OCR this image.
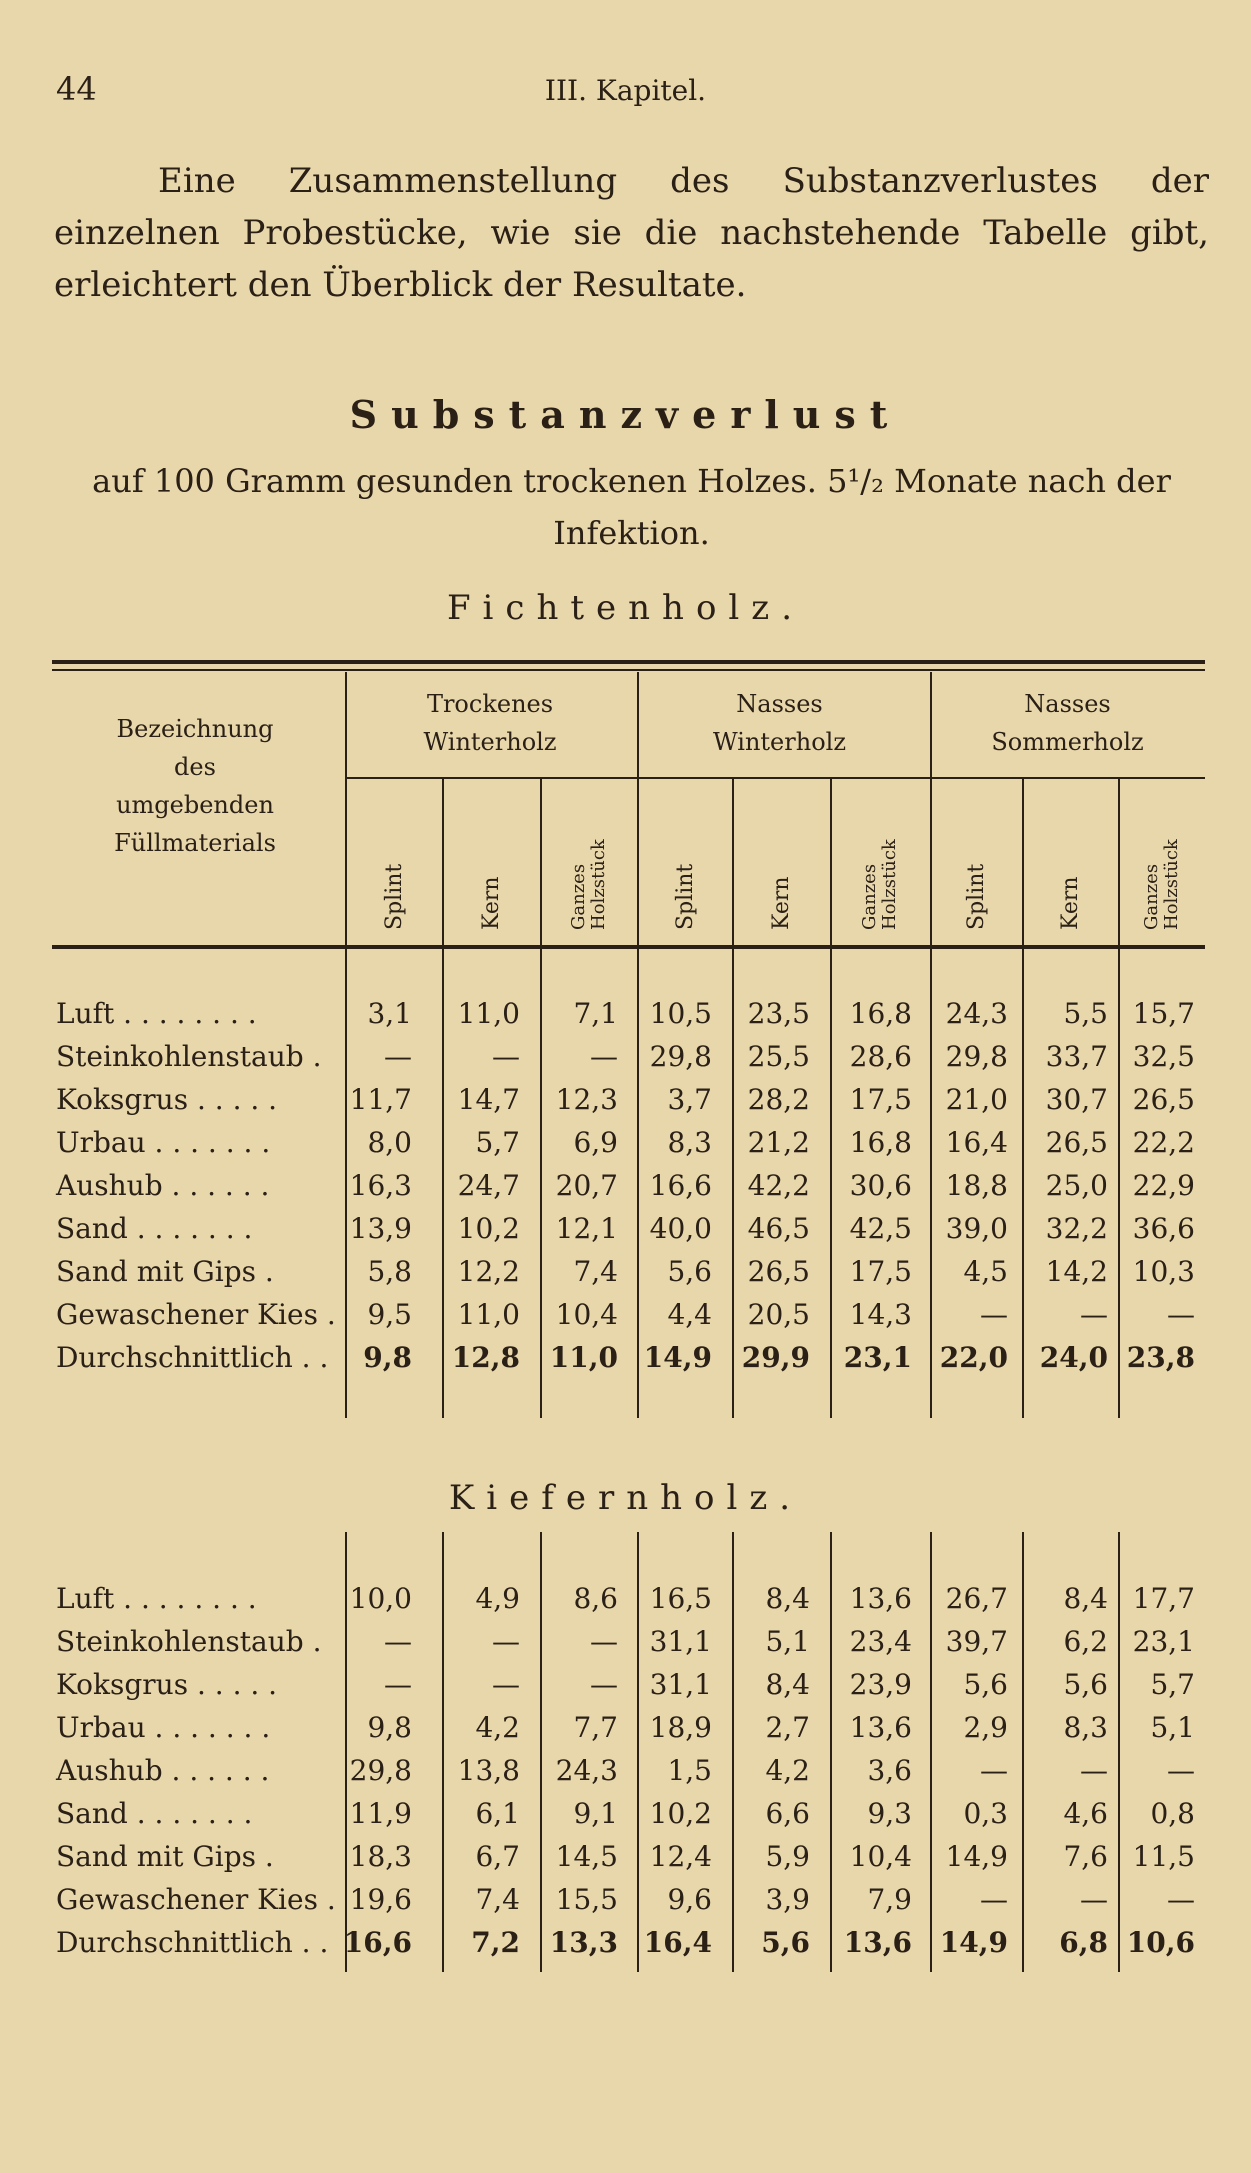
44	III. Kapitel.
Eine Zusammenstellung des Substanzverlustes der einzelnen Probestücke, wie sie die nachstehende Tabelle gibt, erleichtert den Überblick der Resultate.
Substanzverlust
auf 100 Gramm gesunden trockenen Holzes. 5¹/₂ Monate nach der Infektion.
Fichtenholz.
Bezeichnung
des
umgebenden
Füllmaterials
Trockenes
Winterholz
Nasses
Winterholz
Nasses
Sommerholz
Splint	Kern	Ganzes Holzstück	Splint	Kern	Ganzes Holzstück	Splint	Kern	Ganzes Holzstück
Luft . . . . . . . .	3,1	11,0	7,1	10,5	23,5	16,8	24,3	5,5 15,7
Steinkohlenstaub .	—	—	—	29,8	25,5	28,6	29,8	33,7 32,5
Koksgrus . . . . .	11,7	14,7	12,3	3,7	28,2	17,5	21,0	30,7 26,5
Urbau . . . . . . .	8,0	5,7	6,9	8,3	21,2	16,8	16,4	26,5 22,2
Aushub . . . . . .	16,3	24,7	20,7	16,6	42,2	30,6	18,8	25,0 22,9
Sand . . . . . . .	13,9	10,2	12,1	40,0	46,5	42,5	39,0	32,2 36,6
Sand mit Gips .	5,8	12,2	7,4	5,6	26,5	17,5	4,5	14,2 10,3
Gewaschener Kies .	9,5	11,0	10,4	4,4	20,5	14,3	—	—	—
Durchschnittlich . .	9,8 12,8 11,0 14,9 29,9 23,1 22,0 24,0 23,8
Kiefernholz.
Luft . . . . . . . .	10,0	4,9	8,6	16,5	8,4	13,6	26,7	8,4 17,7
Steinkohlenstaub .	—	—	—	31,1	5,1	23,4	39,7	6,2 23,1
Koksgrus . . . . .	—	—	—	31,1	8,4	23,9	5,6	5,6	5,7
Urbau . . . . . . .	9,8	4,2	7,7	18,9	2,7	13,6	2,9	8,3	5,1
Aushub . . . . . .	29,8	13,8	24,3	1,5	4,2	3,6	—	—	—
Sand . . . . . . .	11,9	6,1	9,1	10,2	6,6	9,3	0,3	4,6	0,8
Sand mit Gips .	18,3	6,7	14,5	12,4	5,9	10,4	14,9	7,6 11,5
Gewaschener Kies . 19,6	7,4	15,5	9,6	3,9	7,9	—	—	—
Durchschnittlich . . 16,6	7,2 13,3 16,4	5,6 13,6 14,9	6,8 10,6
